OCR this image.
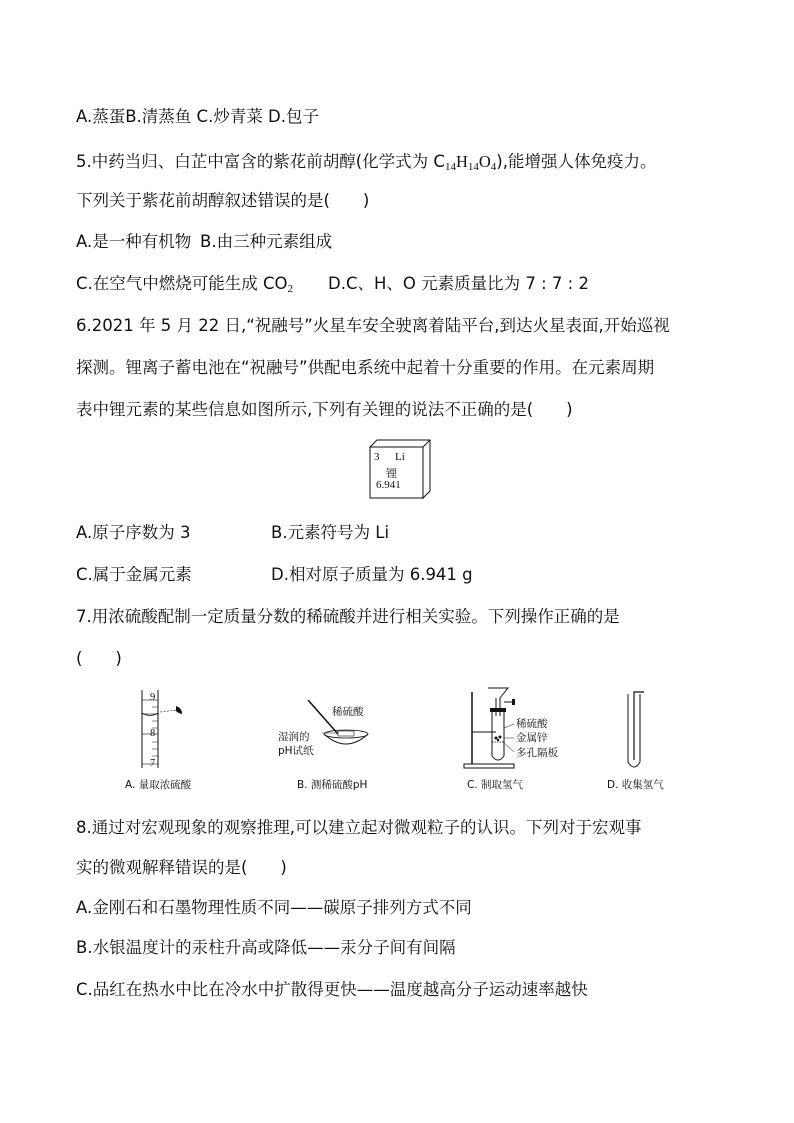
A.蒸蛋B.清蒸鱼 C.炒青菜 D.包子
5.中药当归、白芷中富含的紫花前胡醇(化学式为 $C_{14}H_{14}O_4$),能增强人体免疫力。
下列关于紫花前胡醇叙述错误的是(　　)
A.是一种有机物 B.由三种元素组成
C.在空气中燃烧可能生成 $CO_2$ D.C、H、O 元素质量比为 7 : 7 : 2
6.2021 年 5 月 22 日,“祝融号”火星车安全驶离着陆平台,到达火星表面,开始巡视
探测。锂离子蓄电池在“祝融号”供配电系统中起着十分重要的作用。在元素周期
表中锂元素的某些信息如图所示,下列有关锂的说法不正确的是(　　)
3 Li
锂
6.941
A.原子序数为 3	B.元素符号为 Li
C.属于金属元素	D.相对原子质量为 6.941 g
7.用浓硫酸配制一定质量分数的稀硫酸并进行相关实验。下列操作正确的是
(　　)
9
8
7
A. 量取浓硫酸
稀硫酸
湿润的
pH试纸
B. 测稀硫酸pH
稀硫酸
金属锌
多孔隔板
C. 制取氢气	D. 收集氢气
8.通过对宏观现象的观察推理,可以建立起对微观粒子的认识。下列对于宏观事
实的微观解释错误的是(　　)
A.金刚石和石墨物理性质不同——碳原子排列方式不同
B.水银温度计的汞柱升高或降低——汞分子间有间隔
C.品红在热水中比在冷水中扩散得更快——温度越高分子运动速率越快
